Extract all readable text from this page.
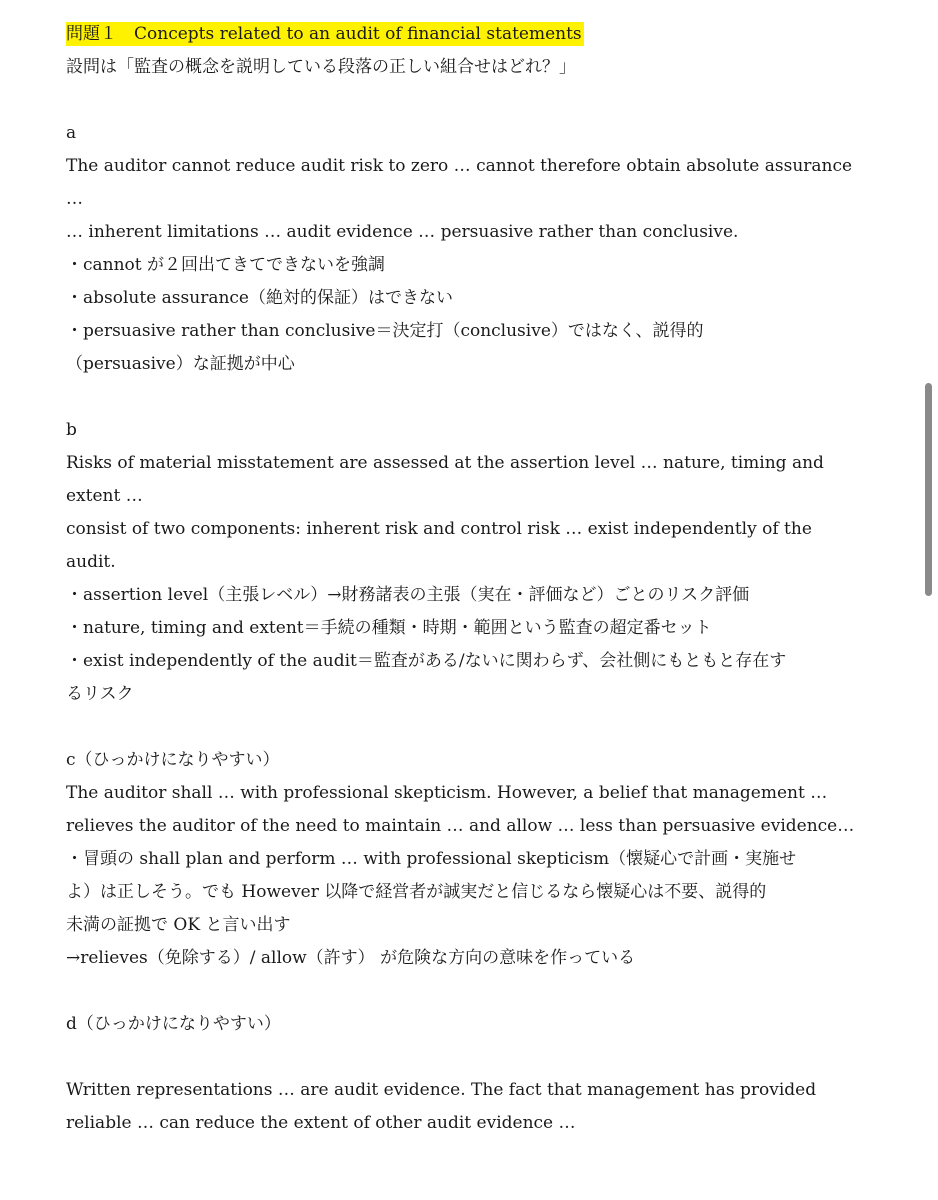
問題１　Concepts related to an audit of financial statements
設問は「監査の概念を説明している段落の正しい組合せはどれ？」
a
The auditor cannot reduce audit risk to zero … cannot therefore obtain absolute assurance
…
… inherent limitations … audit evidence … persuasive rather than conclusive.
・cannot が２回出てきてできないを強調
・absolute assurance（絶対的保証）はできない
・persuasive rather than conclusive＝決定打（conclusive）ではなく、説得的
（persuasive）な証拠が中心
b
Risks of material misstatement are assessed at the assertion level … nature, timing and
extent …
consist of two components: inherent risk and control risk … exist independently of the
audit.
・assertion level（主張レベル）→財務諸表の主張（実在・評価など）ごとのリスク評価
・nature, timing and extent＝手続の種類・時期・範囲という監査の超定番セット
・exist independently of the audit＝監査がある/ないに関わらず、会社側にもともと存在す
るリスク
c（ひっかけになりやすい）
The auditor shall … with professional skepticism. However, a belief that management …
relieves the auditor of the need to maintain … and allow … less than persuasive evidence…
・冒頭の shall plan and perform … with professional skepticism（懐疑心で計画・実施せ
よ）は正しそう。でも However 以降で経営者が誠実だと信じるなら懐疑心は不要、説得的
未満の証拠で OK と言い出す
→relieves（免除する）/ allow（許す） が危険な方向の意味を作っている
d（ひっかけになりやすい）
Written representations … are audit evidence. The fact that management has provided
reliable … can reduce the extent of other audit evidence …
